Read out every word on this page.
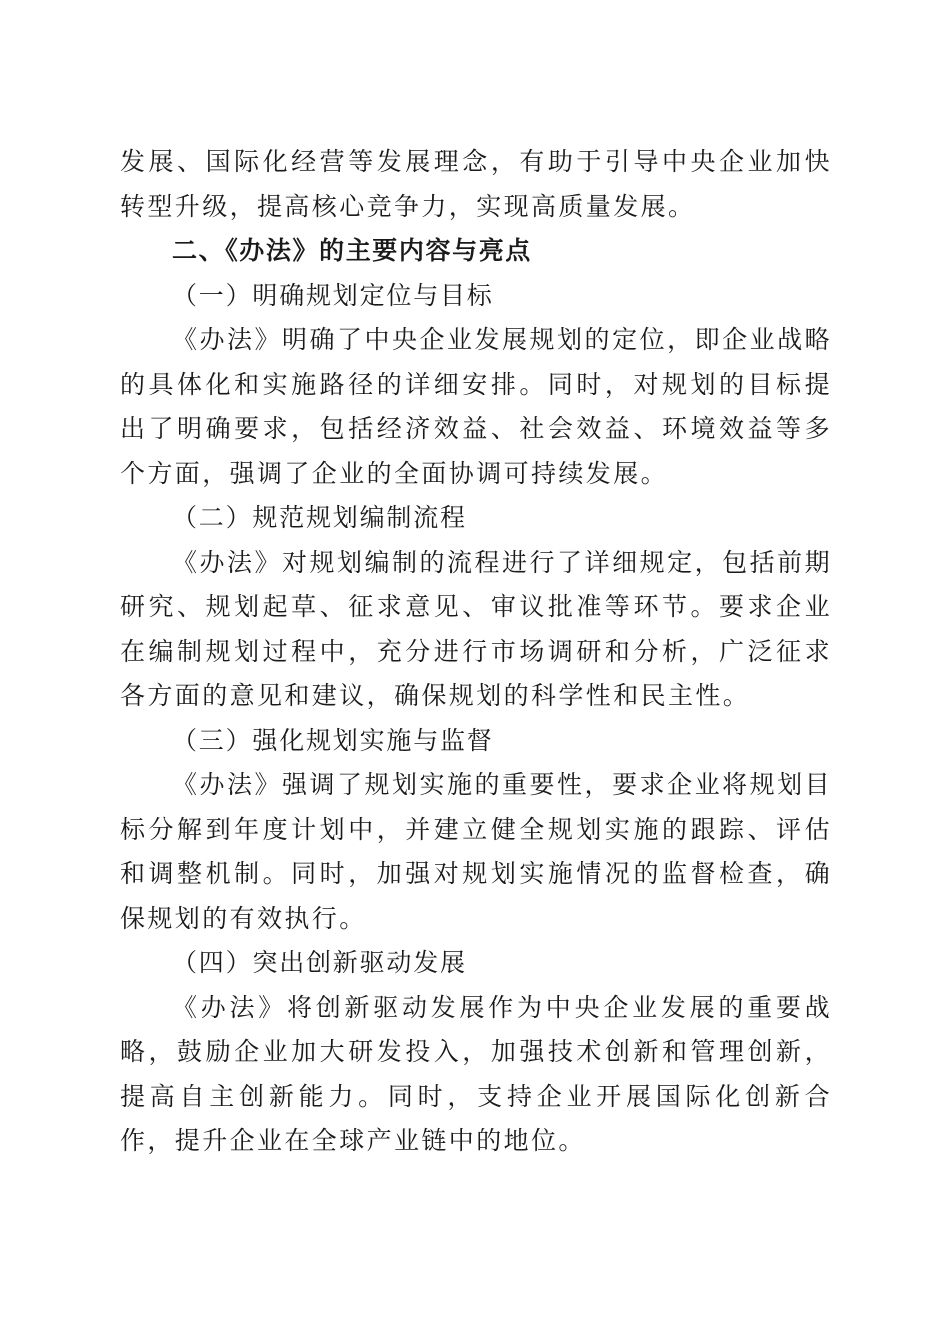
发展、国际化经营等发展理念，有助于引导中央企业加快转型升级，提高核心竞争力，实现高质量发展。

二、《办法》的主要内容与亮点
（一）明确规划定位与目标

《办法》明确了中央企业发展规划的定位，即企业战略的具体化和实施路径的详细安排。同时，对规划的目标提出了明确要求，包括经济效益、社会效益、环境效益等多个方面，强调了企业的全面协调可持续发展。

（二）规范规划编制流程

《办法》对规划编制的流程进行了详细规定，包括前期研究、规划起草、征求意见、审议批准等环节。要求企业在编制规划过程中，充分进行市场调研和分析，广泛征求各方面的意见和建议，确保规划的科学性和民主性。

（三）强化规划实施与监督

《办法》强调了规划实施的重要性，要求企业将规划目标分解到年度计划中，并建立健全规划实施的跟踪、评估和调整机制。同时，加强对规划实施情况的监督检查，确保规划的有效执行。

（四）突出创新驱动发展

《办法》将创新驱动发展作为中央企业发展的重要战略，鼓励企业加大研发投入，加强技术创新和管理创新，提高自主创新能力。同时，支持企业开展国际化创新合作，提升企业在全球产业链中的地位。
